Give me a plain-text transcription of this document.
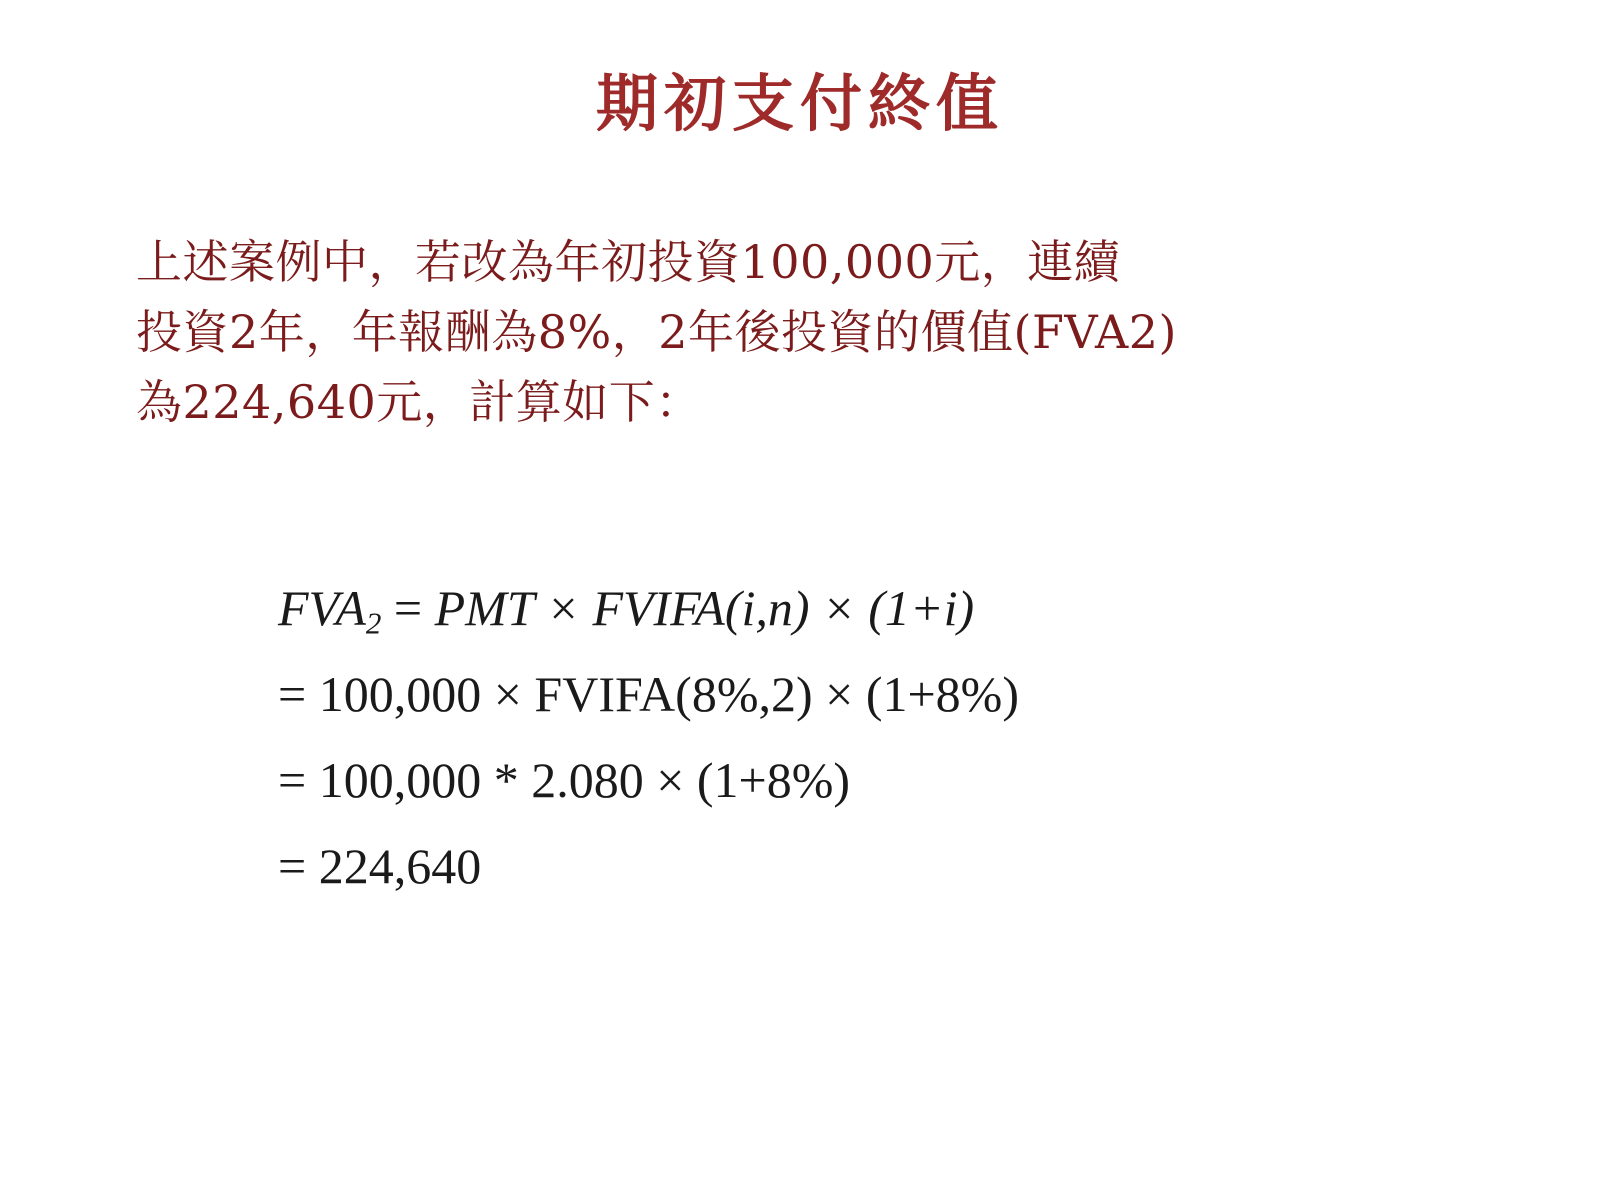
期初支付終值
上述案例中，若改為年初投資100,000元，連續
投資2年，年報酬為8%，2年後投資的價值(FVA2)
為224,640元，計算如下：
$FVA_2$ = PMT × FVIFA(i,n) × (1+i)
= 100,000 × FVIFA(8%,2) × (1+8%)
= 100,000 * 2.080 × (1+8%)
= 224,640
